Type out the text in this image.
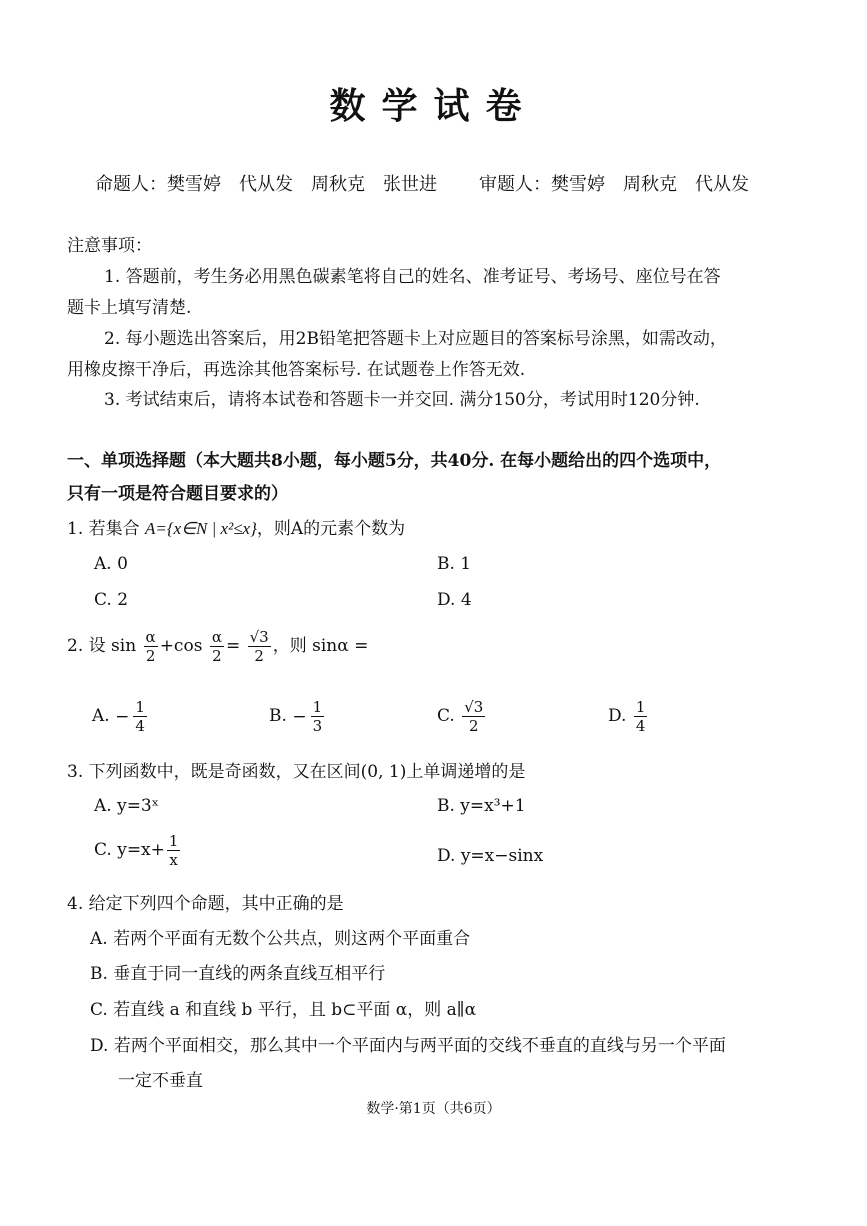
数学试卷
命题人：樊雪婷 代从发 周秋克 张世进 审题人：樊雪婷 周秋克 代从发
注意事项：
1. 答题前，考生务必用黑色碳素笔将自己的姓名、准考证号、考场号、座位号在答
题卡上填写清楚.
2. 每小题选出答案后，用2B铅笔把答题卡上对应题目的答案标号涂黑，如需改动，
用橡皮擦干净后，再选涂其他答案标号. 在试题卷上作答无效.
3. 考试结束后，请将本试卷和答题卡一并交回. 满分150分，考试用时120分钟.
一、单项选择题（本大题共8小题，每小题5分，共40分. 在每小题给出的四个选项中，
只有一项是符合题目要求的）
1. 若集合 A={x∈N | x²≤x}，则A的元素个数为
A. 0	B. 1
C. 2	D. 4
2. 设 $\sin \frac{\alpha}{2} +\cos \frac{\alpha}{2} = \frac{√3}{2}$ ，则 sinα =
A. − $\frac{1}{4}$	B. − $\frac{1}{3}$	C. $\frac{√3}{2}$	D. $\frac{1}{4}$
3. 下列函数中，既是奇函数，又在区间(0, 1)上单调递增的是
A. y=3ˣ	B. y=x³+1
C. $y=x+ \frac{1}{x}$	D. y=x−sinx
4. 给定下列四个命题，其中正确的是
A. 若两个平面有无数个公共点，则这两个平面重合
B. 垂直于同一直线的两条直线互相平行
C. 若直线 a 和直线 b 平行，且 b⊂平面 α，则 a∥α
D. 若两个平面相交，那么其中一个平面内与两平面的交线不垂直的直线与另一个平面
一定不垂直
数学·第1页（共6页）
